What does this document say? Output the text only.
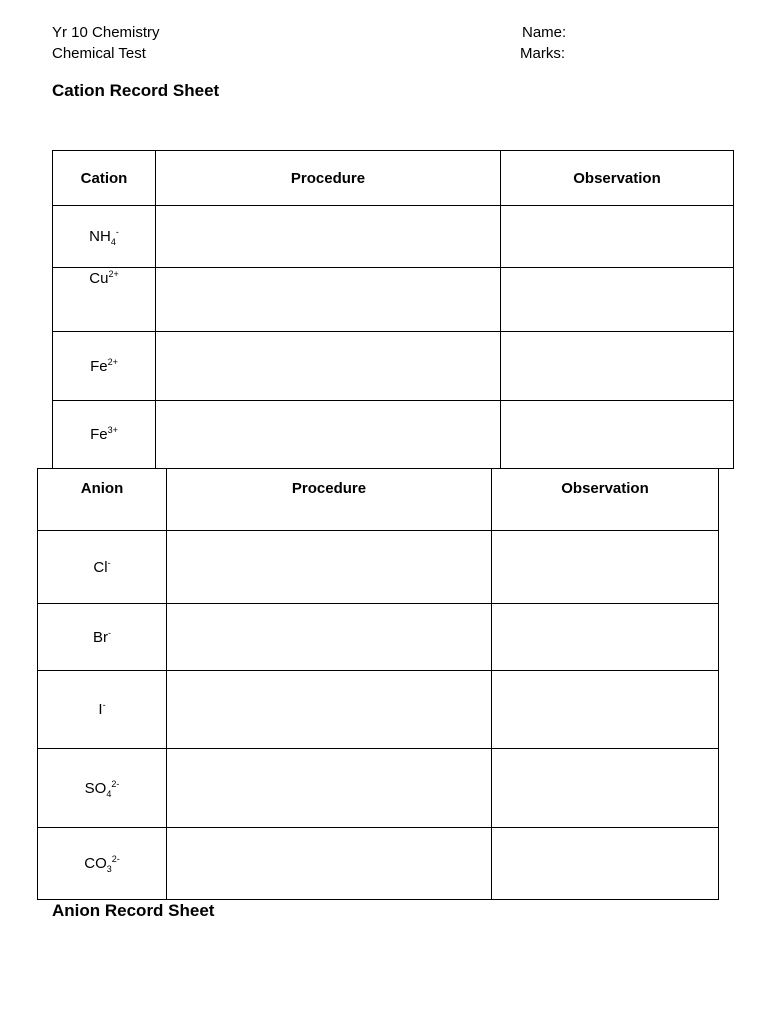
Yr 10 Chemistry
Chemical Test
Name:
Marks:
Cation Record Sheet
Cation	Procedure	Observation
$NH_4^-$		
$Cu^{2+}$		
$Fe^{2+}$		
$Fe^{3+}$		
Anion	Procedure	Observation
Cl-		
Br-		
I-		
$SO_4^{2-}$		
$CO_3^{2-}$		
Anion Record Sheet
